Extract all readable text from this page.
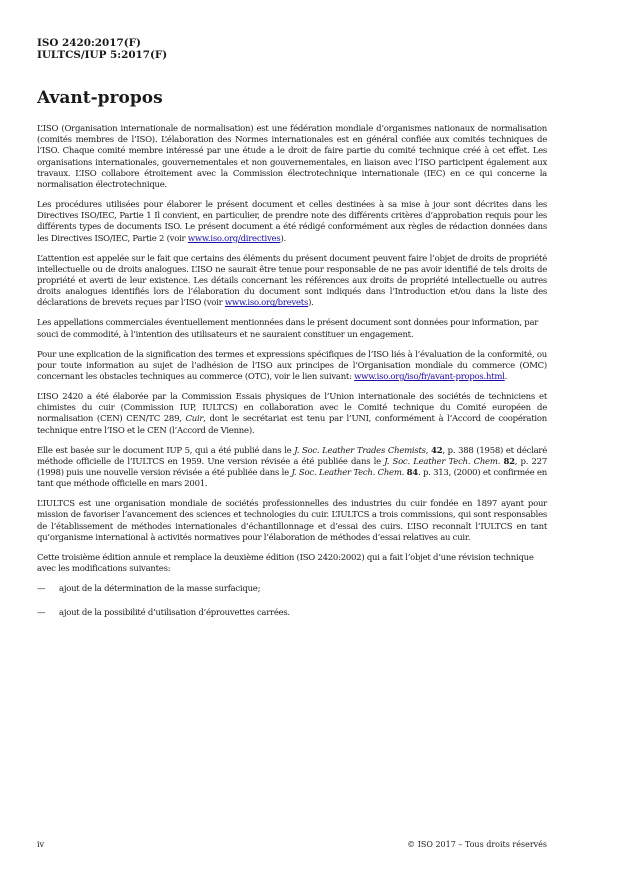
ISO 2420:2017(F)
IULTCS/IUP 5:2017(F)
Avant-propos

L’ISO (Organisation internationale de normalisation) est une fédération mondiale d’organismes nationaux de normalisation (comités membres de l’ISO). L’élaboration des Normes internationales est en général confiée aux comités techniques de l’ISO. Chaque comité membre intéressé par une étude a le droit de faire partie du comité technique créé à cet effet. Les organisations internationales, gouvernementales et non gouvernementales, en liaison avec l’ISO participent également aux travaux. L’ISO collabore étroitement avec la Commission électrotechnique internationale (IEC) en ce qui concerne la normalisation électrotechnique.

Les procédures utilisées pour élaborer le présent document et celles destinées à sa mise à jour sont décrites dans les Directives ISO/IEC, Partie 1 Il convient, en particulier, de prendre note des différents critères d’approbation requis pour les différents types de documents ISO. Le présent document a été rédigé conformément aux règles de rédaction données dans les Directives ISO/IEC, Partie 2 (voir www.iso.org/directives).

L’attention est appelée sur le fait que certains des éléments du présent document peuvent faire l’objet de droits de propriété intellectuelle ou de droits analogues. L’ISO ne saurait être tenue pour responsable de ne pas avoir identifié de tels droits de propriété et averti de leur existence. Les détails concernant les références aux droits de propriété intellectuelle ou autres droits analogues identifiés lors de l’élaboration du document sont indiqués dans l’Introduction et/ou dans la liste des déclarations de brevets reçues par l’ISO (voir www.iso.org/brevets).

Les appellations commerciales éventuellement mentionnées dans le présent document sont données pour information, par souci de commodité, à l’intention des utilisateurs et ne sauraient constituer un engagement.

Pour une explication de la signification des termes et expressions spécifiques de l’ISO liés à l’évaluation de la conformité, ou pour toute information au sujet de l’adhésion de l’ISO aux principes de l’Organisation mondiale du commerce (OMC) concernant les obstacles techniques au commerce (OTC), voir le lien suivant: www.iso.org/iso/fr/avant-propos.html.

L’ISO 2420 a été élaborée par la Commission Essais physiques de l’Union internationale des sociétés de techniciens et chimistes du cuir (Commission IUP, IULTCS) en collaboration avec le Comité technique du Comité européen de normalisation (CEN) CEN/TC 289, Cuir, dont le secrétariat est tenu par l’UNI, conformément à l’Accord de coopération technique entre l’ISO et le CEN (l’Accord de Vienne).

Elle est basée sur le document IUP 5, qui a été publié dans le J. Soc. Leather Trades Chemists, 42, p. 388 (1958) et déclaré méthode officielle de l’IULTCS en 1959. Une version révisée a été publiée dans le J. Soc. Leather Tech. Chem. 82, p. 227 (1998) puis une nouvelle version révisée a été publiée dans le J. Soc. Leather Tech. Chem. 84. p. 313, (2000) et confirmée en tant que méthode officielle en mars 2001.

L’IULTCS est une organisation mondiale de sociétés professionnelles des industries du cuir fondée en 1897 ayant pour mission de favoriser l’avancement des sciences et technologies du cuir. L’IULTCS a trois commissions, qui sont responsables de l’établissement de méthodes internationales d’échantillonnage et d’essai des cuirs. L’ISO reconnaît l’IULTCS en tant qu’organisme international à activités normatives pour l’élaboration de méthodes d’essai relatives au cuir.

Cette troisième édition annule et remplace la deuxième édition (ISO 2420:2002) qui a fait l’objet d’une révision technique avec les modifications suivantes:

—	ajout de la détermination de la masse surfacique;
—	ajout de la possibilité d’utilisation d’éprouvettes carrées.
iv	© ISO 2017 – Tous droits réservés
